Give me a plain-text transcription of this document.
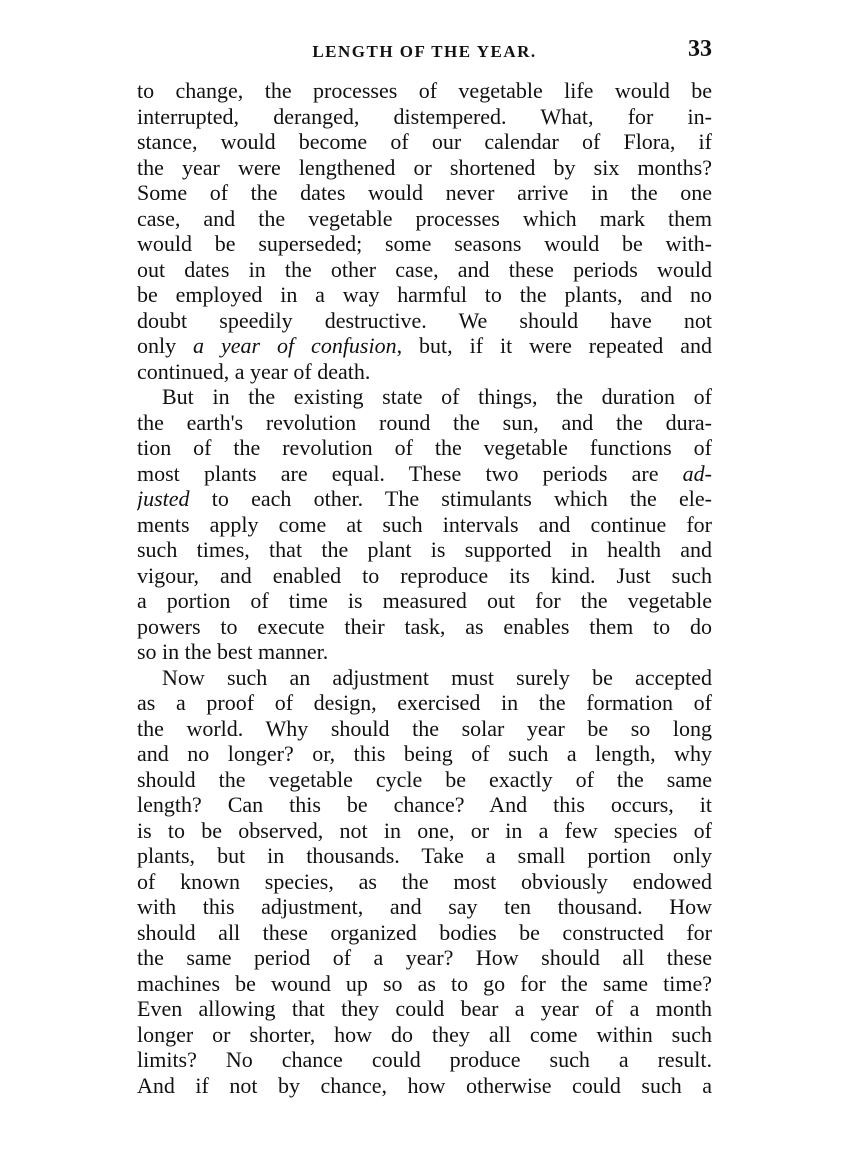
LENGTH OF THE YEAR.	33
to change, the processes of vegetable life would be
interrupted, deranged, distempered. What, for in-
stance, would become of our calendar of Flora, if
the year were lengthened or shortened by six months?
Some of the dates would never arrive in the one
case, and the vegetable processes which mark them
would be superseded; some seasons would be with-
out dates in the other case, and these periods would
be employed in a way harmful to the plants, and no
doubt speedily destructive. We should have not
only a year of confusion, but, if it were repeated and
continued, a year of death.
But in the existing state of things, the duration of
the earth's revolution round the sun, and the dura-
tion of the revolution of the vegetable functions of
most plants are equal. These two periods are ad-
justed to each other. The stimulants which the ele-
ments apply come at such intervals and continue for
such times, that the plant is supported in health and
vigour, and enabled to reproduce its kind. Just such
a portion of time is measured out for the vegetable
powers to execute their task, as enables them to do
so in the best manner.
Now such an adjustment must surely be accepted
as a proof of design, exercised in the formation of
the world. Why should the solar year be so long
and no longer? or, this being of such a length, why
should the vegetable cycle be exactly of the same
length? Can this be chance? And this occurs, it
is to be observed, not in one, or in a few species of
plants, but in thousands. Take a small portion only
of known species, as the most obviously endowed
with this adjustment, and say ten thousand. How
should all these organized bodies be constructed for
the same period of a year? How should all these
machines be wound up so as to go for the same time?
Even allowing that they could bear a year of a month
longer or shorter, how do they all come within such
limits? No chance could produce such a result.
And if not by chance, how otherwise could such a
